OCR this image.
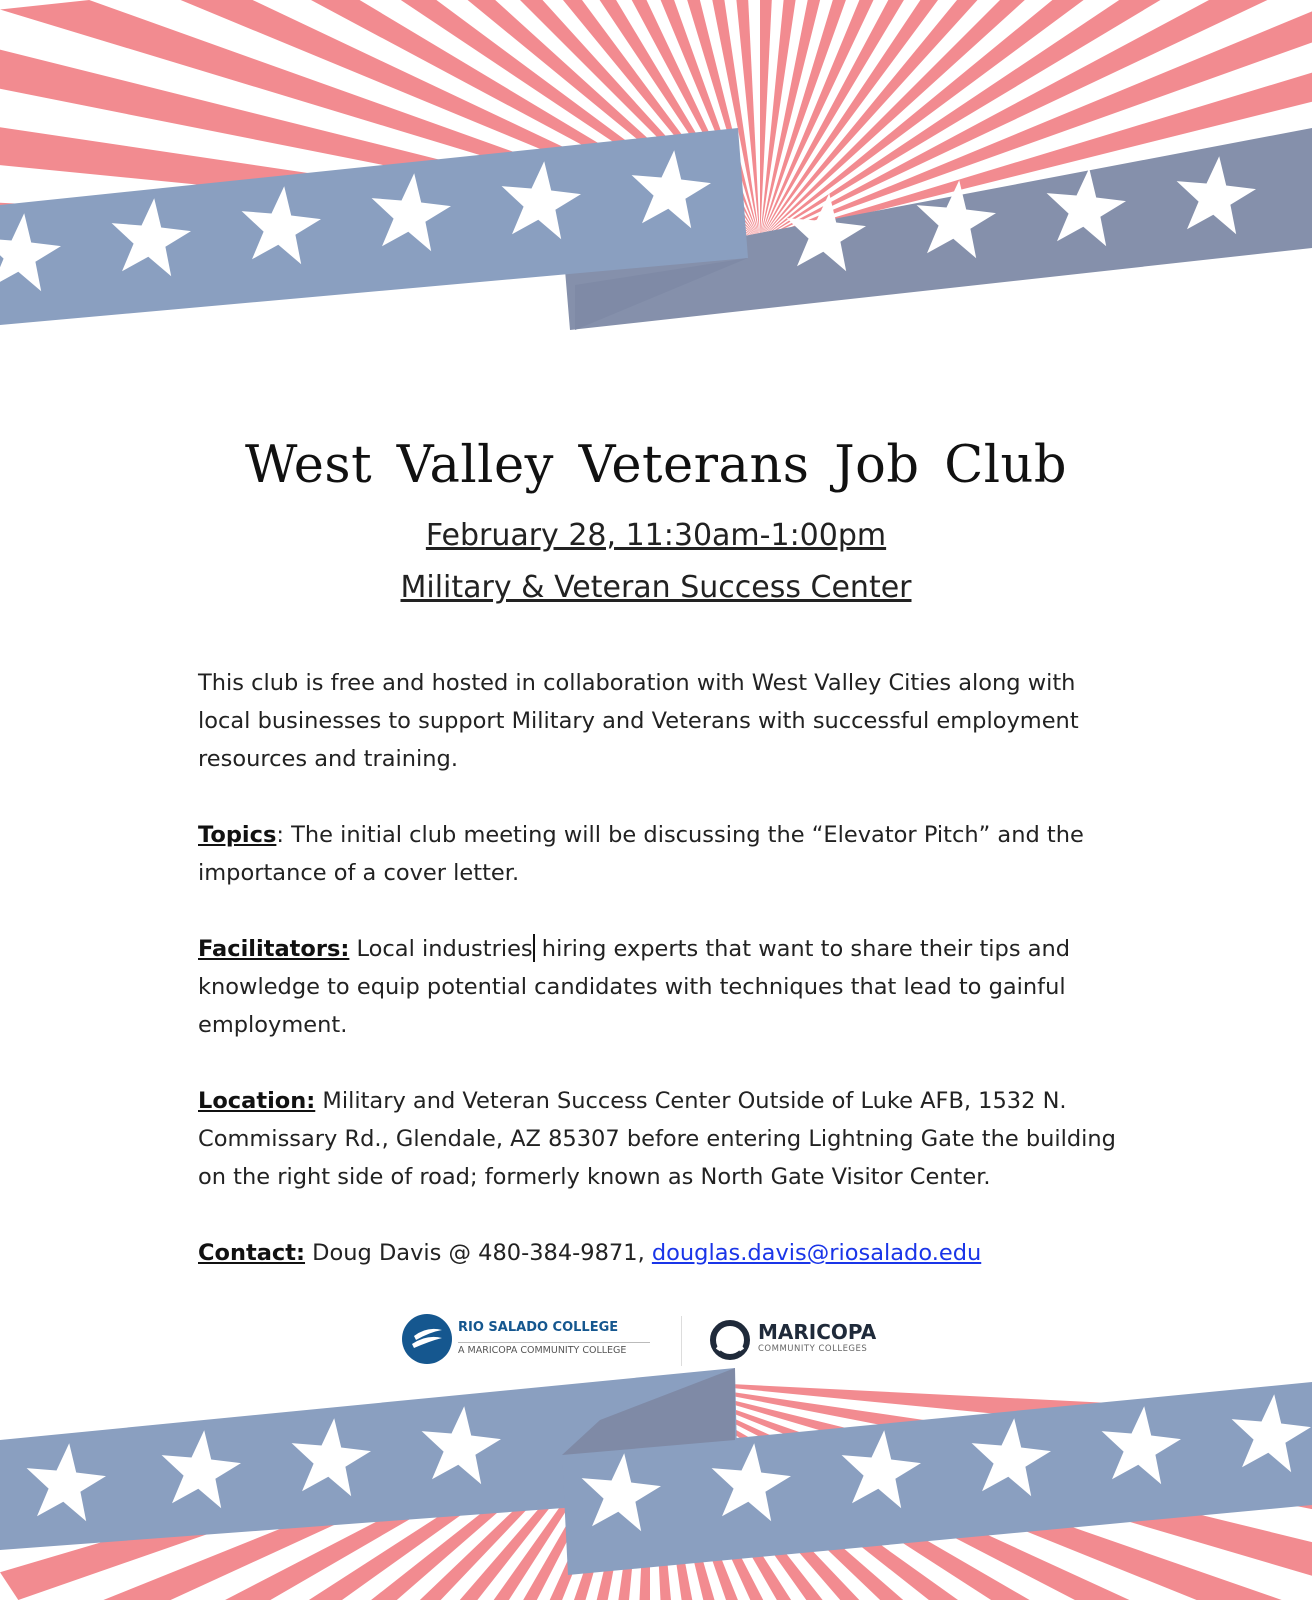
West Valley Veterans Job Club
February 28, 11:30am-1:00pm
Military & Veteran Success Center

This club is free and hosted in collaboration with West Valley Cities along with local businesses to support Military and Veterans with successful employment resources and training.

Topics: The initial club meeting will be discussing the “Elevator Pitch” and the importance of a cover letter.

Facilitators: Local industries hiring experts that want to share their tips and knowledge to equip potential candidates with techniques that lead to gainful employment.

Location: Military and Veteran Success Center Outside of Luke AFB, 1532 N. Commissary Rd., Glendale, AZ 85307 before entering Lightning Gate the building on the right side of road; formerly known as North Gate Visitor Center.

Contact: Doug Davis @ 480-384-9871, douglas.davis@riosalado.edu

RIO SALADO COLLEGE
A MARICOPA COMMUNITY COLLEGE
MARICOPA
COMMUNITY COLLEGES
